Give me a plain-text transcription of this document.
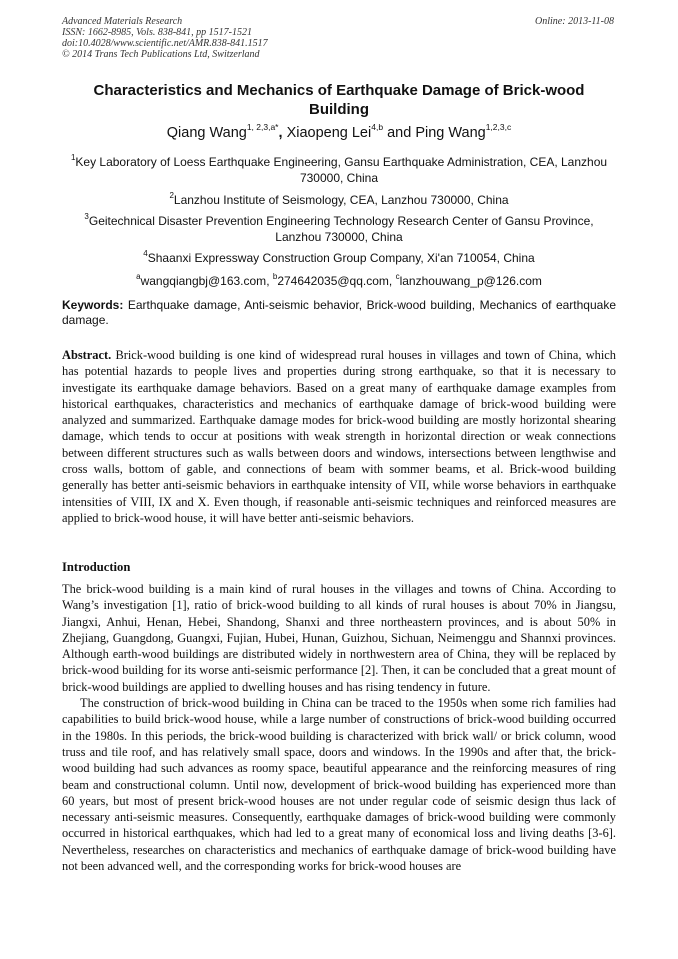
Advanced Materials Research
ISSN: 1662-8985, Vols. 838-841, pp 1517-1521
doi:10.4028/www.scientific.net/AMR.838-841.1517
© 2014 Trans Tech Publications Ltd, Switzerland
Online: 2013-11-08
Characteristics and Mechanics of Earthquake Damage of Brick-wood Building
Qiang Wang$^{1, 2,3,a*}$, Xiaopeng Lei$^{4,b}$ and Ping Wang$^{1,2,3,c}$
$^1$Key Laboratory of Loess Earthquake Engineering, Gansu Earthquake Administration, CEA, Lanzhou 730000, China
$^2$Lanzhou Institute of Seismology, CEA, Lanzhou 730000, China
$^3$Geitechnical Disaster Prevention Engineering Technology Research Center of Gansu Province, Lanzhou 730000, China
$^4$Shaanxi Expressway Construction Group Company, Xi'an 710054, China
$^a$wangqiangbj@163.com, $^b$274642035@qq.com, $^c$lanzhouwang_p@126.com
Keywords: Earthquake damage, Anti-seismic behavior, Brick-wood building, Mechanics of earthquake damage.
Abstract. Brick-wood building is one kind of widespread rural houses in villages and town of China, which has potential hazards to people lives and properties during strong earthquake, so that it is necessary to investigate its earthquake damage behaviors. Based on a great many of earthquake damage examples from historical earthquakes, characteristics and mechanics of earthquake damage of brick-wood building were analyzed and summarized. Earthquake damage modes for brick-wood building are mostly horizontal shearing damage, which tends to occur at positions with weak strength in horizontal direction or weak connections between different structures such as walls between doors and windows, intersections between lengthwise and cross walls, bottom of gable, and connections of beam with sommer beams, et al. Brick-wood building generally has better anti-seismic behaviors in earthquake intensity of VII, while worse behaviors in earthquake intensities of VIII, IX and X. Even though, if reasonable anti-seismic techniques and reinforced measures are applied to brick-wood house, it will have better anti-seismic behaviors.
Introduction

The brick-wood building is a main kind of rural houses in the villages and towns of China. According to Wang’s investigation [1], ratio of brick-wood building to all kinds of rural houses is about 70% in Jiangsu, Jiangxi, Anhui, Henan, Hebei, Shandong, Shanxi and three northeastern provinces, and is about 50% in Zhejiang, Guangdong, Guangxi, Fujian, Hubei, Hunan, Guizhou, Sichuan, Neimenggu and Shannxi provinces. Although earth-wood buildings are distributed widely in northwestern area of China, they will be replaced by brick-wood building for its worse anti-seismic performance [2]. Then, it can be concluded that a great mount of brick-wood buildings are applied to dwelling houses and has rising tendency in future.

The construction of brick-wood building in China can be traced to the 1950s when some rich families had capabilities to build brick-wood house, while a large number of constructions of brick-wood building occurred in the 1980s. In this periods, the brick-wood building is characterized with brick wall/ or brick column, wood truss and tile roof, and has relatively small space, doors and windows. In the 1990s and after that, the brick-wood building had such advances as roomy space, beautiful appearance and the reinforcing measures of ring beam and constructional column. Until now, development of brick-wood building has experienced more than 60 years, but most of present brick-wood houses are not under regular code of seismic design thus lack of necessary anti-seismic measures. Consequently, earthquake damages of brick-wood building were commonly occurred in historical earthquakes, which had led to a great many of economical loss and living deaths [3-6]. Nevertheless, researches on characteristics and mechanics of earthquake damage of brick-wood building have not been advanced well, and the corresponding works for brick-wood houses are
